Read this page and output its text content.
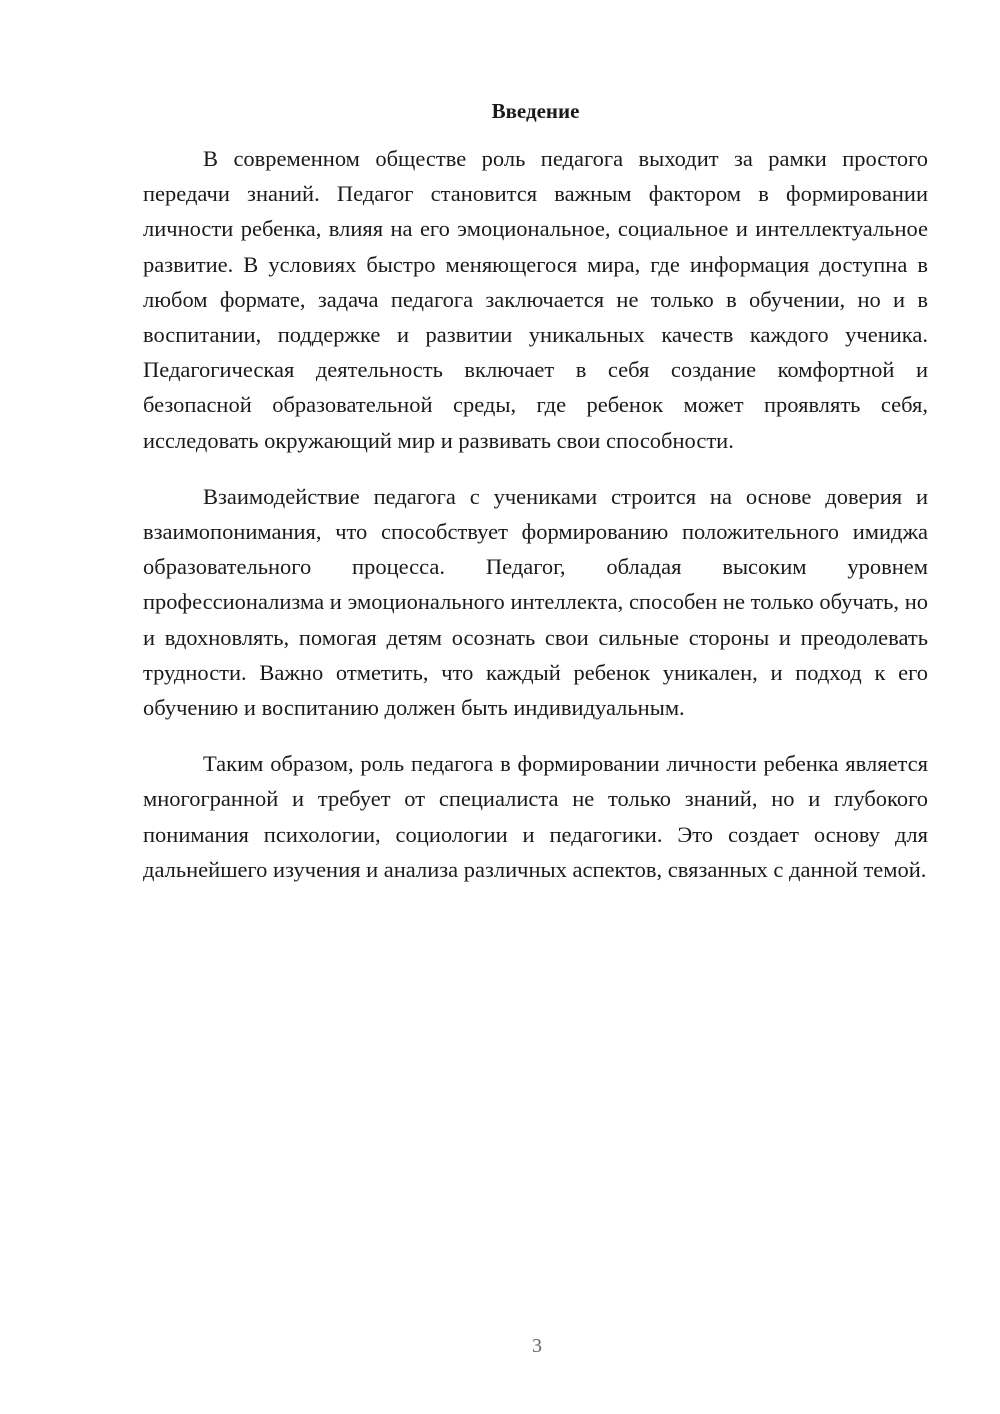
Введение

В современном обществе роль педагога выходит за рамки простого передачи знаний. Педагог становится важным фактором в формировании личности ребенка, влияя на его эмоциональное, социальное и интеллектуальное развитие. В условиях быстро меняющегося мира, где информация доступна в любом формате, задача педагога заключается не только в обучении, но и в воспитании, поддержке и развитии уникальных качеств каждого ученика. Педагогическая деятельность включает в себя создание комфортной и безопасной образовательной среды, где ребенок может проявлять себя, исследовать окружающий мир и развивать свои способности.

Взаимодействие педагога с учениками строится на основе доверия и взаимопонимания, что способствует формированию положительного имиджа образовательного процесса. Педагог, обладая высоким уровнем профессионализма и эмоционального интеллекта, способен не только обучать, но и вдохновлять, помогая детям осознать свои сильные стороны и преодолевать трудности. Важно отметить, что каждый ребенок уникален, и подход к его обучению и воспитанию должен быть индивидуальным.

Таким образом, роль педагога в формировании личности ребенка является многогранной и требует от специалиста не только знаний, но и глубокого понимания психологии, социологии и педагогики. Это создает основу для дальнейшего изучения и анализа различных аспектов, связанных с данной темой.

3
